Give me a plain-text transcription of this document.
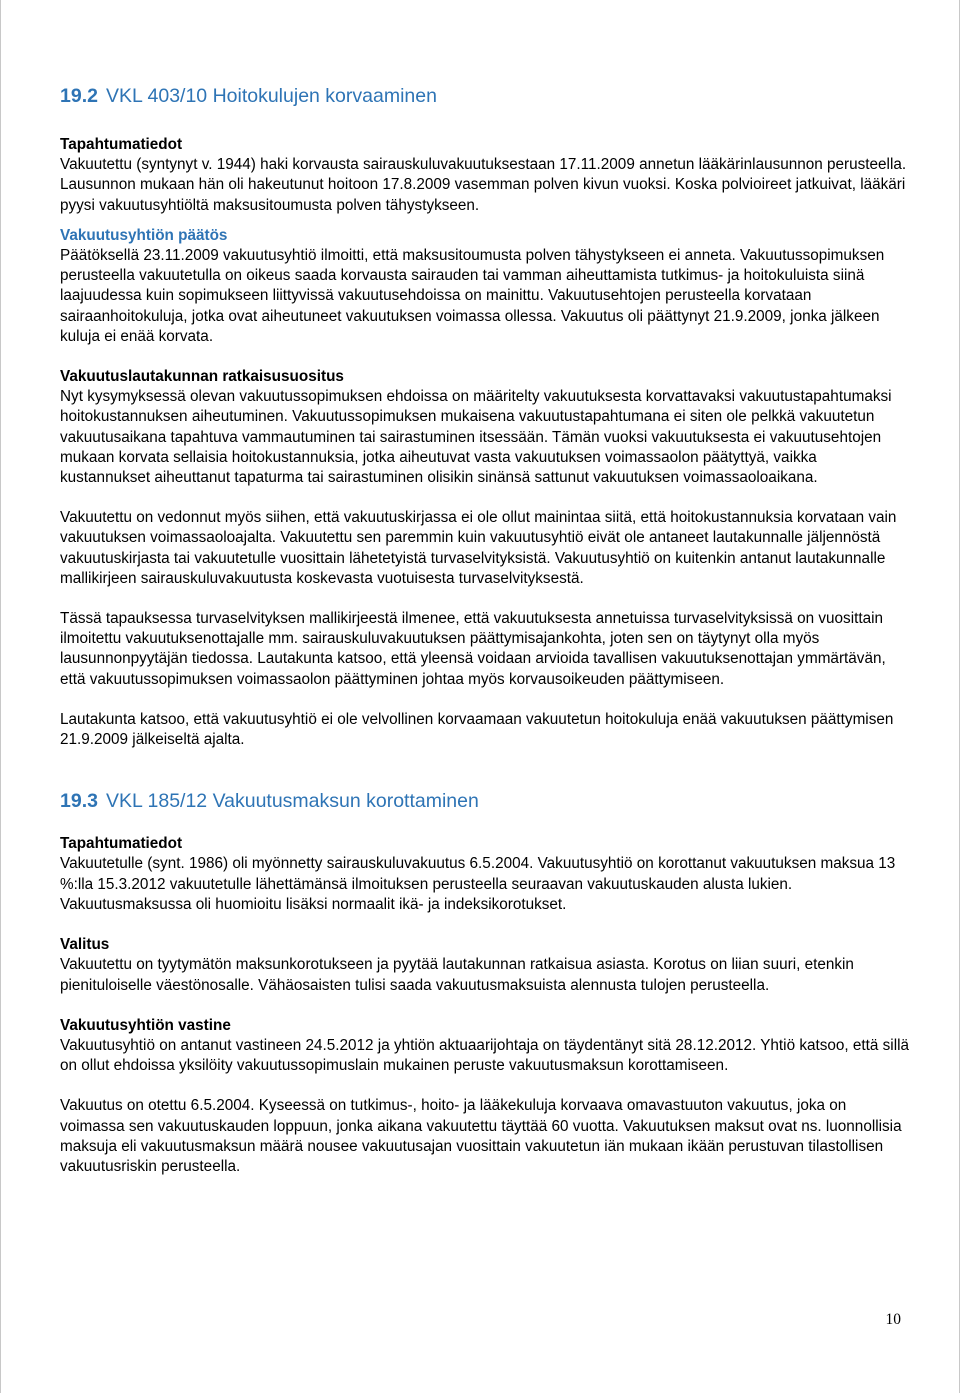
19.2 VKL 403/10 Hoitokulujen korvaaminen

Tapahtumatiedot

Vakuutettu (syntynyt v. 1944) haki korvausta sairauskuluvakuutuksestaan 17.11.2009 annetun lääkärinlausunnon perusteella. Lausunnon mukaan hän oli hakeutunut hoitoon 17.8.2009 vasemman polven kivun vuoksi. Koska polvioireet jatkuivat, lääkäri pyysi vakuutusyhtiöltä maksusitoumusta polven tähystykseen.

Vakuutusyhtiön päätös

Päätöksellä 23.11.2009 vakuutusyhtiö ilmoitti, että maksusitoumusta polven tähystykseen ei anneta. Vakuutussopimuksen perusteella vakuutetulla on oikeus saada korvausta sairauden tai vamman aiheuttamista tutkimus- ja hoitokuluista siinä laajuudessa kuin sopimukseen liittyvissä vakuutusehdoissa on mainittu. Vakuutusehtojen perusteella korvataan sairaanhoitokuluja, jotka ovat aiheutuneet vakuutuksen voimassa ollessa. Vakuutus oli päättynyt 21.9.2009, jonka jälkeen kuluja ei enää korvata.

Vakuutuslautakunnan ratkaisusuositus

Nyt kysymyksessä olevan vakuutussopimuksen ehdoissa on määritelty vakuutuksesta korvattavaksi vakuutustapahtumaksi hoitokustannuksen aiheutuminen. Vakuutussopimuksen mukaisena vakuutustapahtumana ei siten ole pelkkä vakuutetun vakuutusaikana tapahtuva vammautuminen tai sairastuminen itsessään. Tämän vuoksi vakuutuksesta ei vakuutusehtojen mukaan korvata sellaisia hoitokustannuksia, jotka aiheutuvat vasta vakuutuksen voimassaolon päätyttyä, vaikka kustannukset aiheuttanut tapaturma tai sairastuminen olisikin sinänsä sattunut vakuutuksen voimassaoloaikana.

Vakuutettu on vedonnut myös siihen, että vakuutuskirjassa ei ole ollut mainintaa siitä, että hoitokustannuksia korvataan vain vakuutuksen voimassaoloajalta. Vakuutettu sen paremmin kuin vakuutusyhtiö eivät ole antaneet lautakunnalle jäljennöstä vakuutuskirjasta tai vakuutetulle vuosittain lähetetyistä turvaselvityksistä. Vakuutusyhtiö on kuitenkin antanut lautakunnalle mallikirjeen sairauskuluvakuutusta koskevasta vuotuisesta turvaselvityksestä.

Tässä tapauksessa turvaselvityksen mallikirjeestä ilmenee, että vakuutuksesta annetuissa turvaselvityksissä on vuosittain ilmoitettu vakuutuksenottajalle mm. sairauskuluvakuutuksen päättymisajankohta, joten sen on täytynyt olla myös lausunnonpyytäjän tiedossa. Lautakunta katsoo, että yleensä voidaan arvioida tavallisen vakuutuksenottajan ymmärtävän, että vakuutussopimuksen voimassaolon päättyminen johtaa myös korvausoikeuden päättymiseen.

Lautakunta katsoo, että vakuutusyhtiö ei ole velvollinen korvaamaan vakuutetun hoitokuluja enää vakuutuksen päättymisen 21.9.2009 jälkeiseltä ajalta.

19.3 VKL 185/12 Vakuutusmaksun korottaminen

Tapahtumatiedot

Vakuutetulle (synt. 1986) oli myönnetty sairauskuluvakuutus 6.5.2004. Vakuutusyhtiö on korottanut vakuutuksen maksua 13 %:lla 15.3.2012 vakuutetulle lähettämänsä ilmoituksen perusteella seuraavan vakuutuskauden alusta lukien. Vakuutusmaksussa oli huomioitu lisäksi normaalit ikä- ja indeksikorotukset.

Valitus

Vakuutettu on tyytymätön maksunkorotukseen ja pyytää lautakunnan ratkaisua asiasta. Korotus on liian suuri, etenkin pienituloiselle väestönosalle. Vähäosaisten tulisi saada vakuutusmaksuista alennusta tulojen perusteella.

Vakuutusyhtiön vastine

Vakuutusyhtiö on antanut vastineen 24.5.2012 ja yhtiön aktuaarijohtaja on täydentänyt sitä 28.12.2012. Yhtiö katsoo, että sillä on ollut ehdoissa yksilöity vakuutussopimuslain mukainen peruste vakuutusmaksun korottamiseen.

Vakuutus on otettu 6.5.2004. Kyseessä on tutkimus-, hoito- ja lääkekuluja korvaava omavastuuton vakuutus, joka on voimassa sen vakuutuskauden loppuun, jonka aikana vakuutettu täyttää 60 vuotta. Vakuutuksen maksut ovat ns. luonnollisia maksuja eli vakuutusmaksun määrä nousee vakuutusajan vuosittain vakuutetun iän mukaan ikään perustuvan tilastollisen vakuutusriskin perusteella.

10
